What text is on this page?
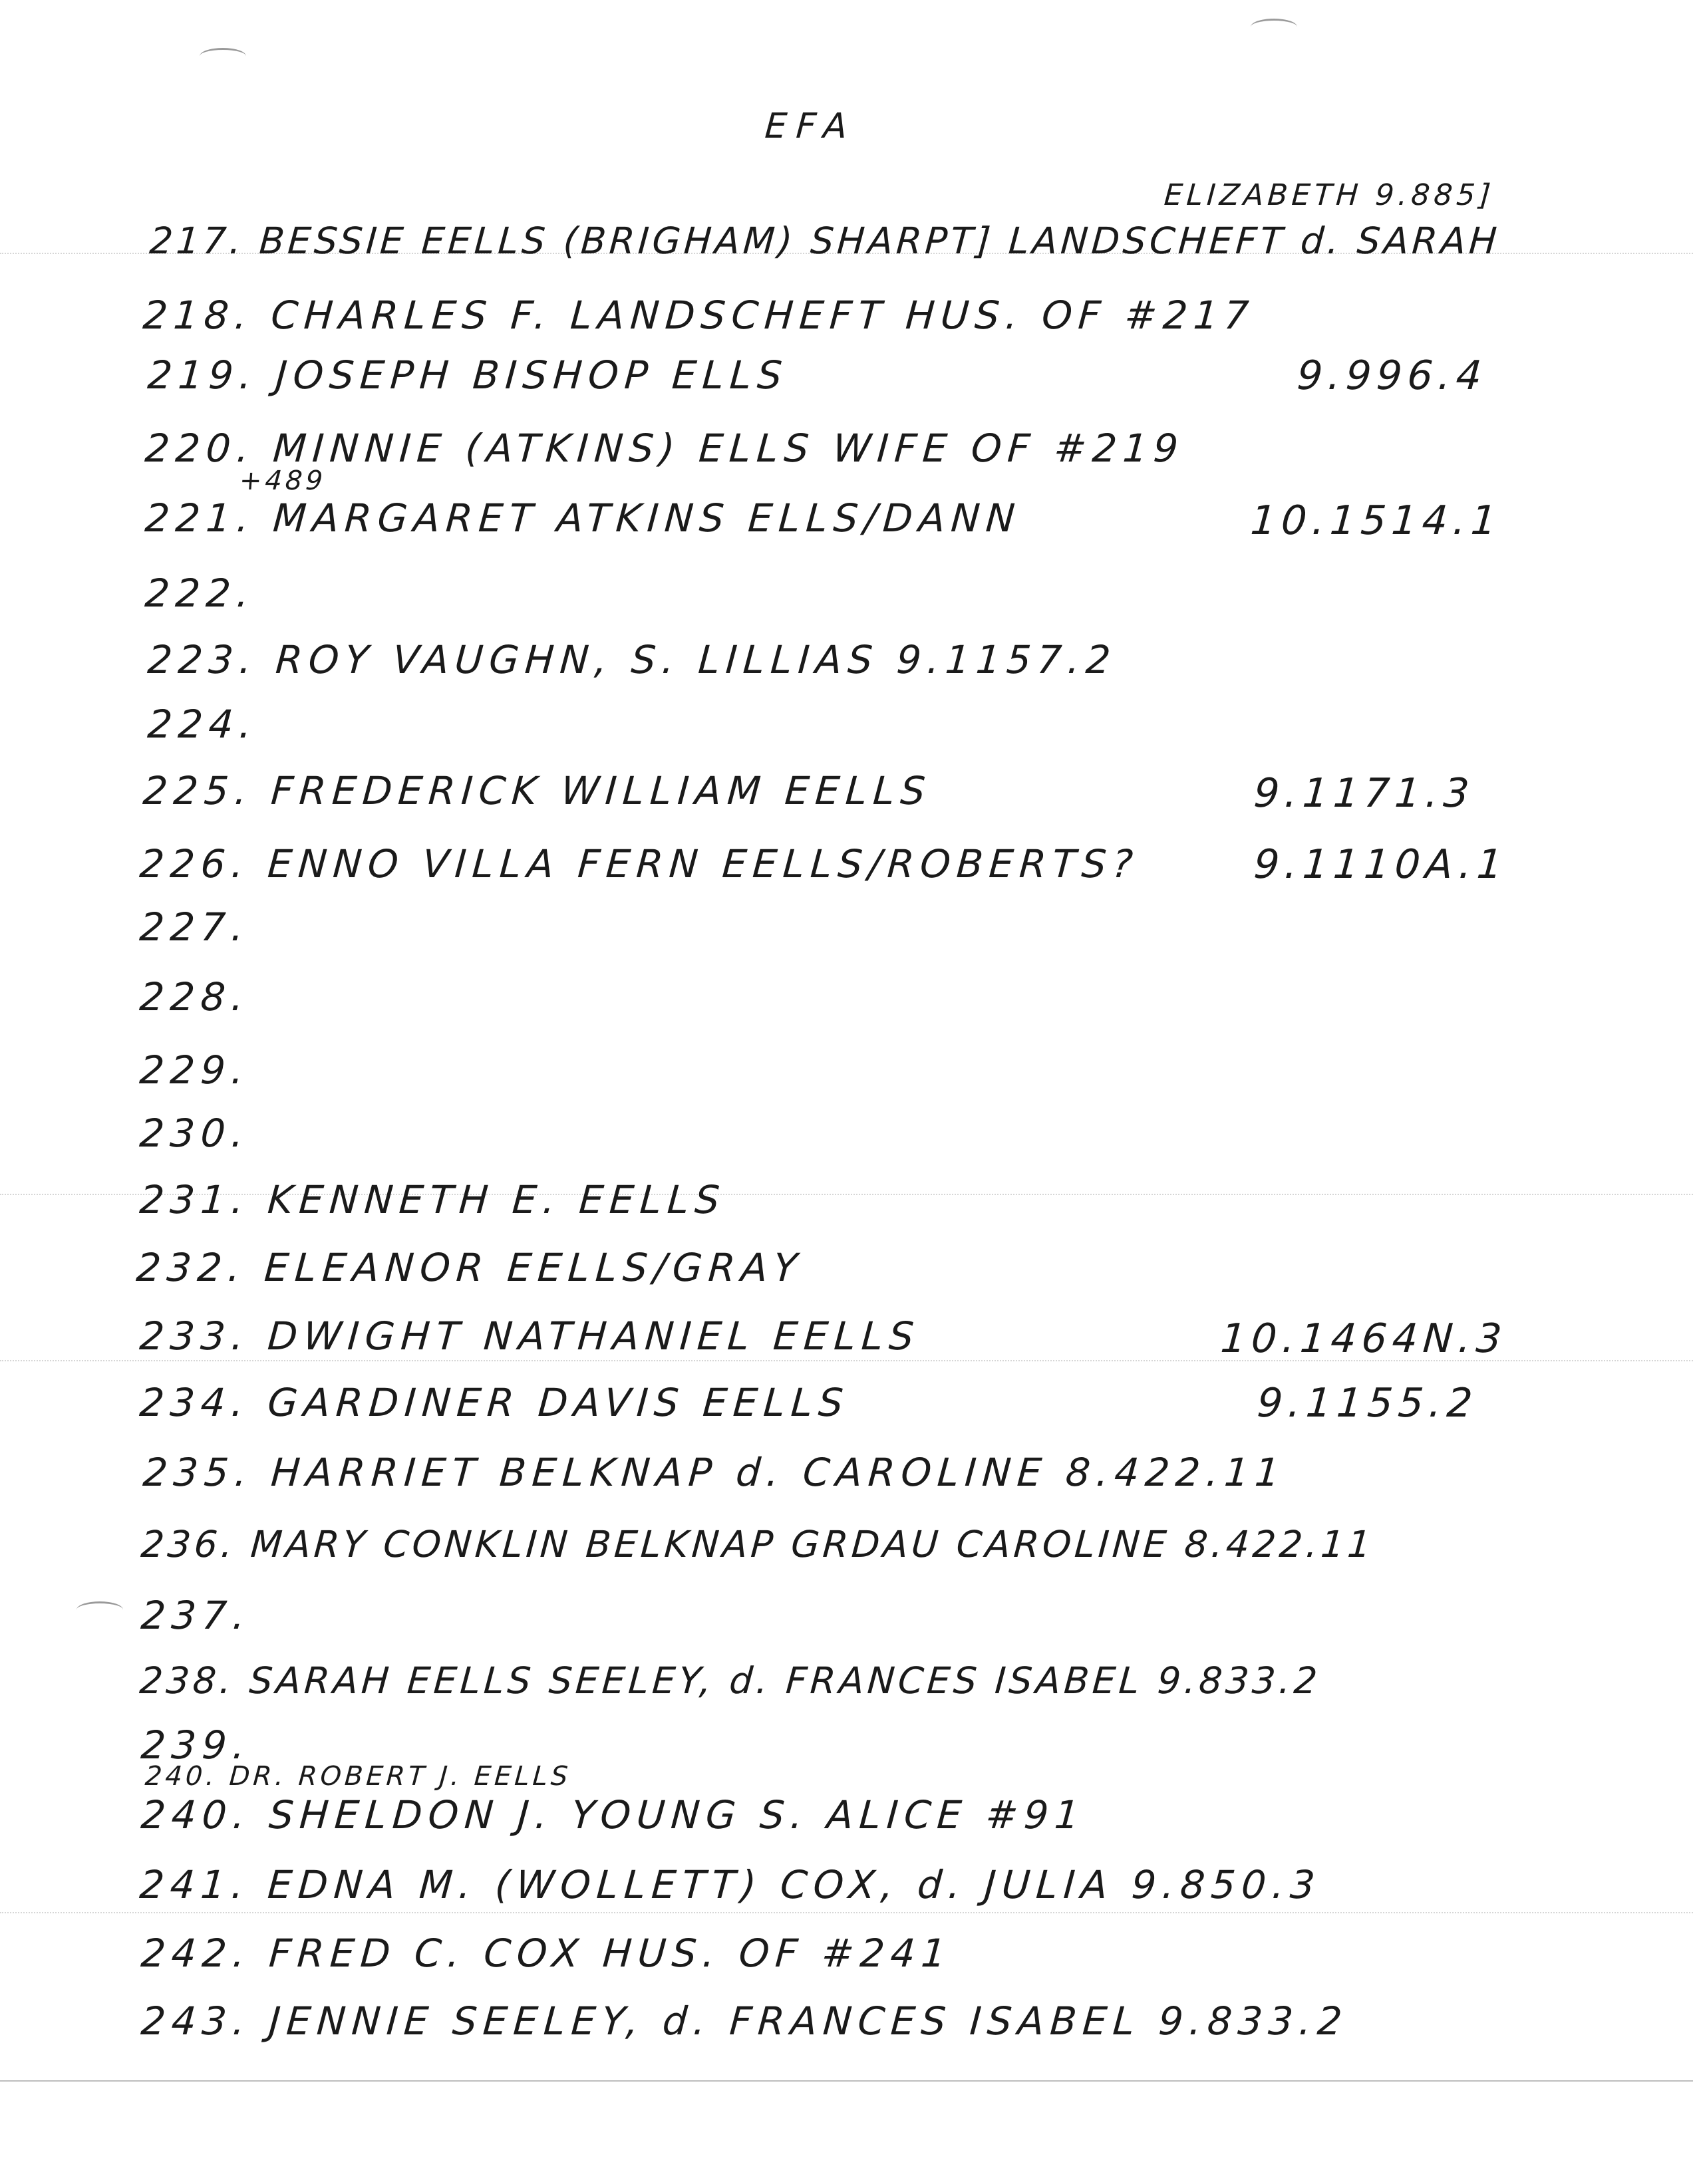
EFA
ELIZABETH 9.885]
217. BESSIE EELLS (BRIGHAM) SHARPT] LANDSCHEFT d. SARAH
218. CHARLES F. LANDSCHEFT HUS. OF #217
219. JOSEPH BISHOP ELLS	9.996.4
+489
220. MINNIE (ATKINS) ELLS WIFE OF #219
221. MARGARET ATKINS ELLS/DANN	10.1514.1
222.
223. ROY VAUGHN, S. LILLIAS 9.1157.2
224.
225. FREDERICK WILLIAM EELLS	9.1171.3
226. ENNO VILLA FERN EELLS/ROBERTS?	9.1110A.1
227.
228.
229.
230.
231. KENNETH E. EELLS
232. ELEANOR EELLS/GRAY
233. DWIGHT NATHANIEL EELLS	10.1464N.3
234. GARDINER DAVIS EELLS	9.1155.2
235. HARRIET BELKNAP d. CAROLINE 8.422.11
236. MARY CONKLIN BELKNAP GRDAU CAROLINE 8.422.11
237.
238. SARAH EELLS SEELEY, d. FRANCES ISABEL 9.833.2
239.
240. DR. ROBERT J. EELLS
240. SHELDON J. YOUNG S. ALICE #91
241. EDNA M. (WOLLETT) COX, d. JULIA 9.850.3
242. FRED C. COX HUS. OF #241
243. JENNIE SEELEY, d. FRANCES ISABEL 9.833.2
